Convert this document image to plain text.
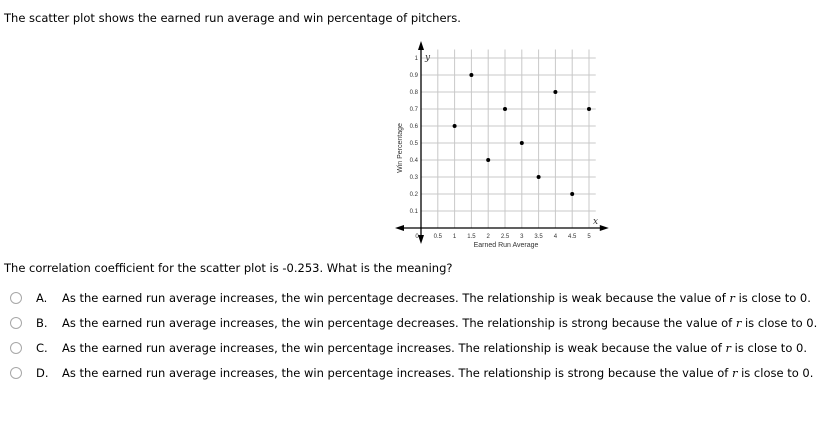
The scatter plot shows the earned run average and win percentage of pitchers.
0 0.5 1 1.5 2 2.5 3 3.5 4 4.5 5
0.1
0.2
0.3
0.4
0.5
0.6
0.7
0.8
0.9
1
Earned Run Average
Win Percentage
y
x
The correlation coefficient for the scatter plot is -0.253. What is the meaning?
A.	As the earned run average increases, the win percentage decreases. The relationship is weak because the value of r is close to 0.
B.	As the earned run average increases, the win percentage decreases. The relationship is strong because the value of r is close to 0.
C.	As the earned run average increases, the win percentage increases. The relationship is weak because the value of r is close to 0.
D.	As the earned run average increases, the win percentage increases. The relationship is strong because the value of r is close to 0.
